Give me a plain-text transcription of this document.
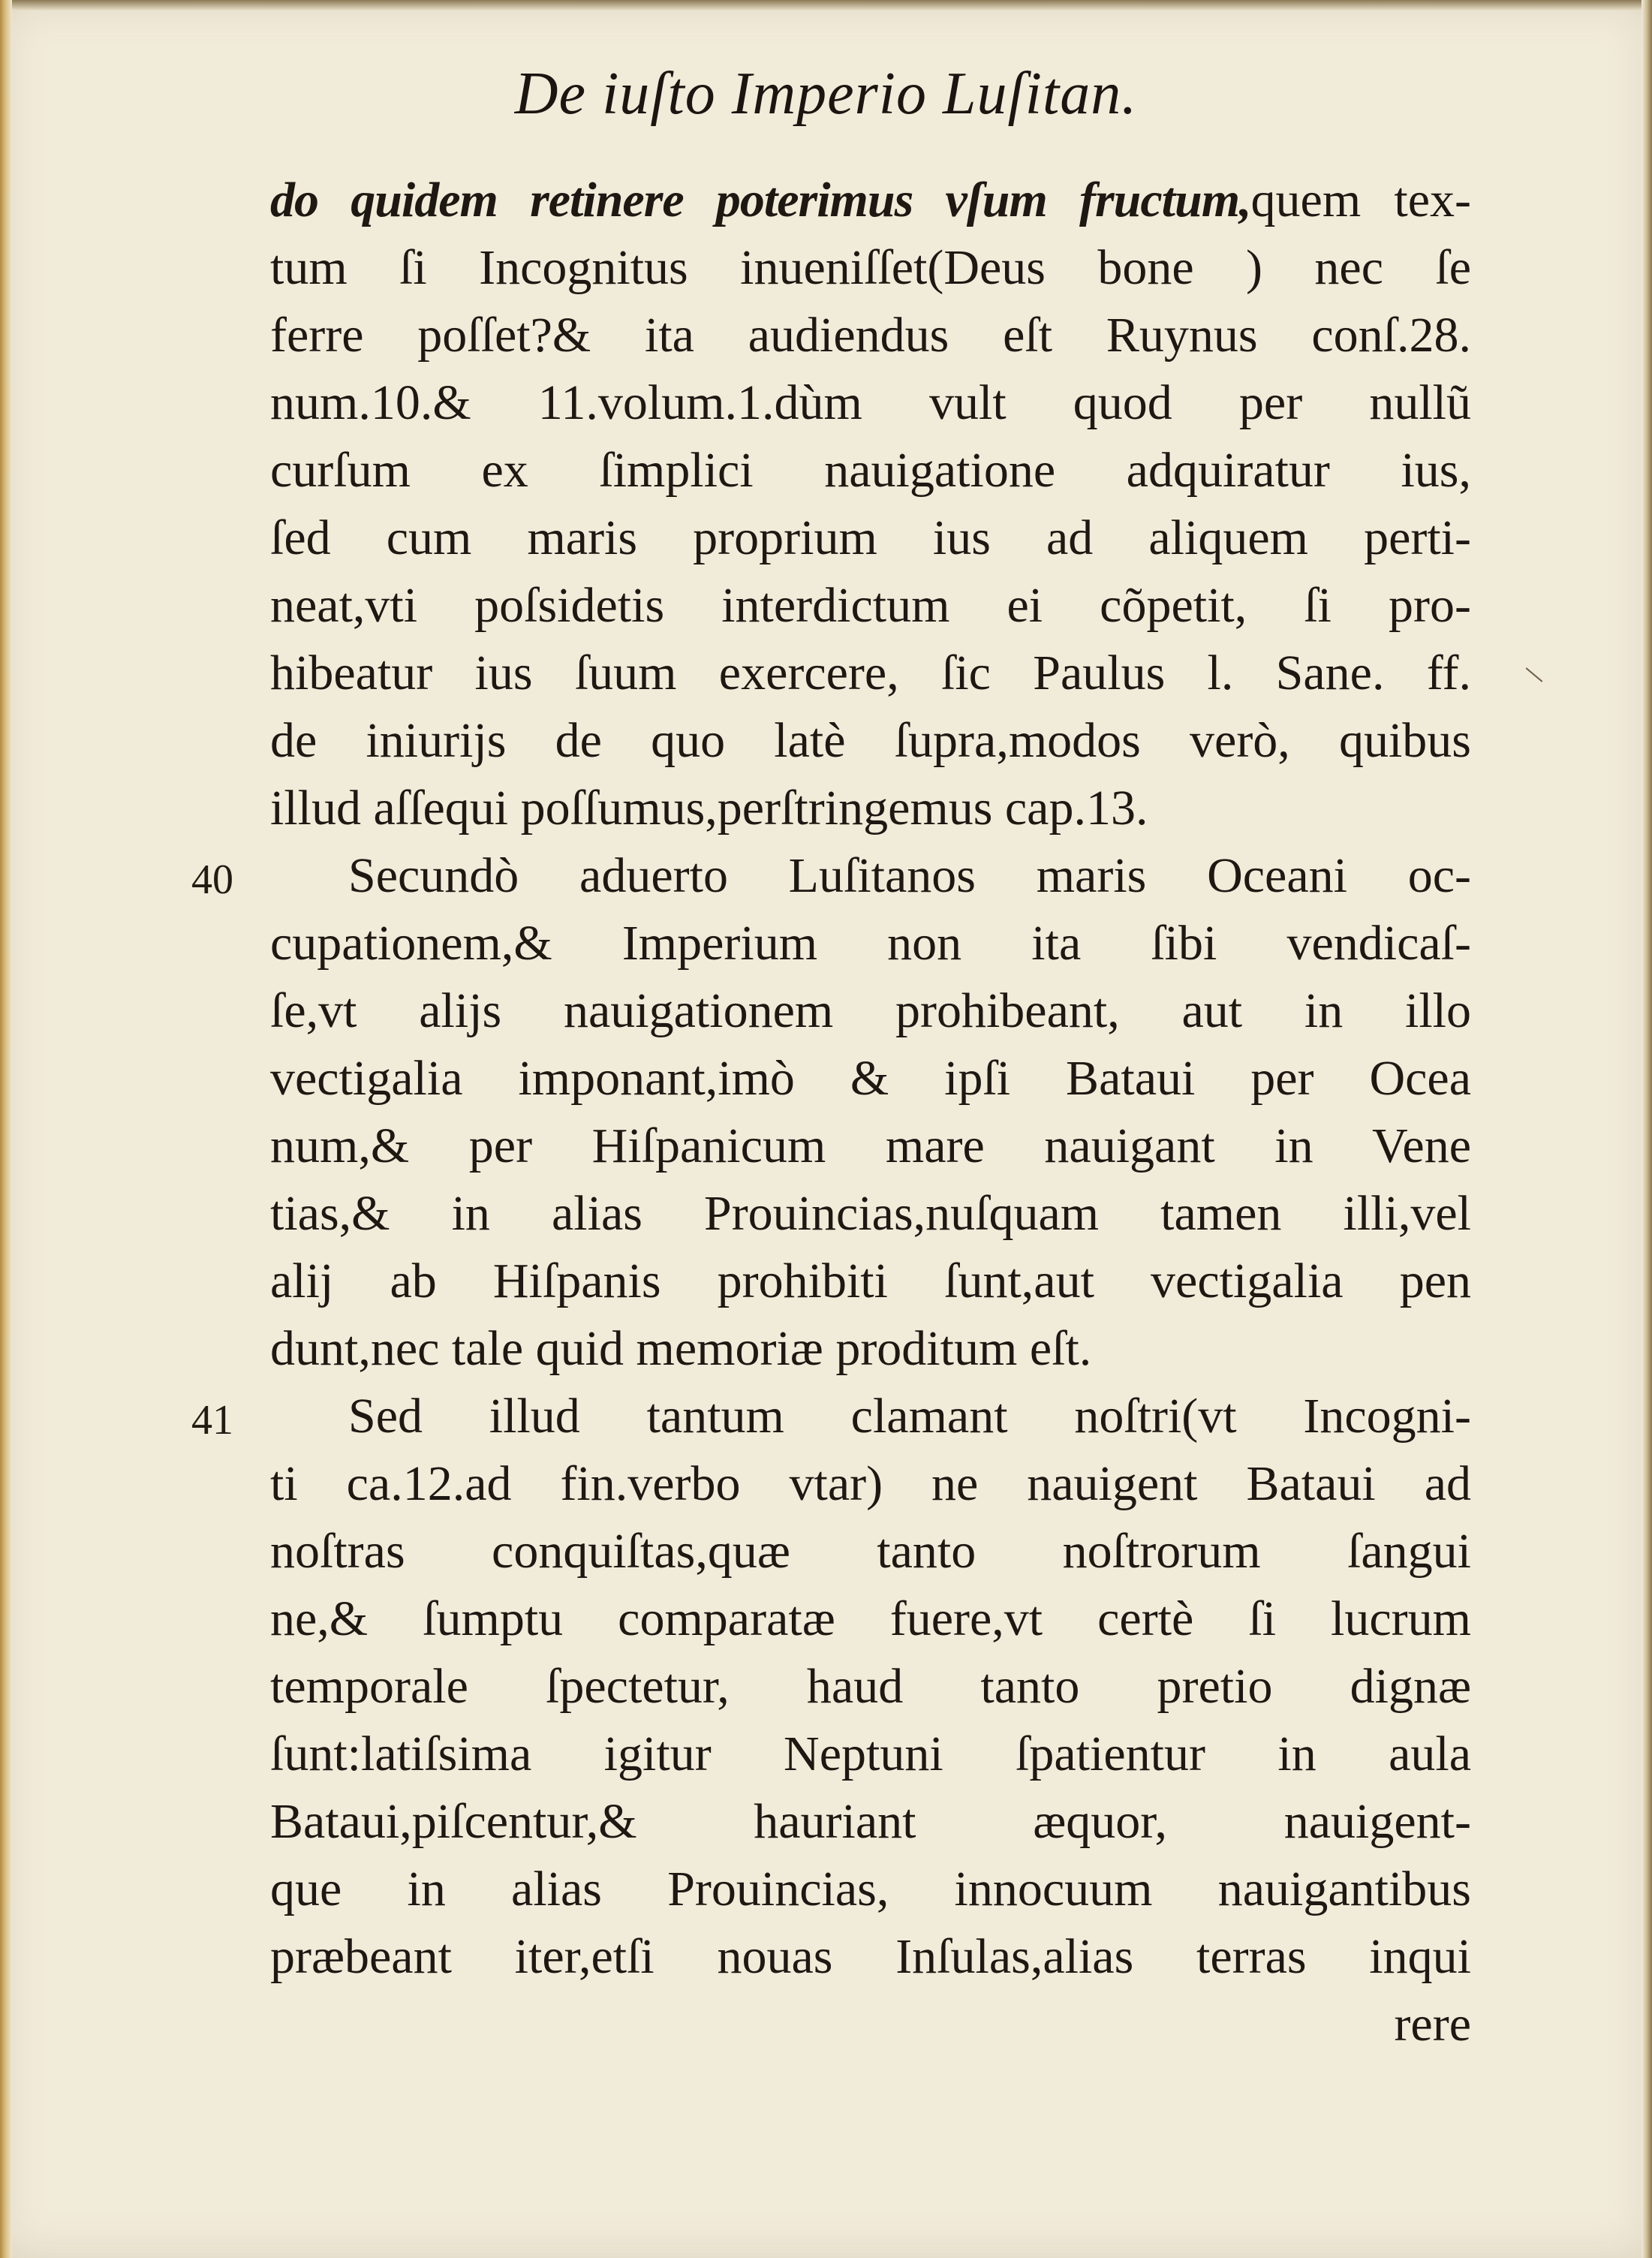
De iuſto Imperio Luſitan.
40
41
do quidem retinere poterimus vſum fructum,quem tex-
tum ſi Incognitus inueniſſet(Deus bone ) nec ſe
ferre poſſet?& ita audiendus eſt Ruynus conſ.28.
num.10.& 11.volum.1.dùm vult quod per nullũ
curſum ex ſimplici nauigatione adquiratur ius,
ſed cum maris proprium ius ad aliquem perti-
neat,vti poſsidetis interdictum ei cõpetit, ſi pro-
hibeatur ius ſuum exercere, ſic Paulus l. Sane. ff.
de iniurijs de quo latè ſupra,modos verò, quibus
illud aſſequi poſſumus,perſtringemus cap.13.
Secundò aduerto Luſitanos maris Oceani oc-
cupationem,& Imperium non ita ſibi vendicaſ-
ſe,vt alijs nauigationem prohibeant, aut in illo
vectigalia imponant,imò & ipſi Bataui per Ocea
num,& per Hiſpanicum mare nauigant in Vene
tias,& in alias Prouincias,nuſquam tamen illi,vel
alij ab Hiſpanis prohibiti ſunt,aut vectigalia pen
dunt,nec tale quid memoriæ proditum eſt.
Sed illud tantum clamant noſtri(vt Incogni-
ti ca.12.ad fin.verbo vtar) ne nauigent Bataui ad
noſtras conquiſtas,quæ tanto noſtrorum ſangui
ne,& ſumptu comparatæ fuere,vt certè ſi lucrum
temporale ſpectetur, haud tanto pretio dignæ
ſunt:latiſsima igitur Neptuni ſpatientur in aula
Bataui,piſcentur,& hauriant æquor, nauigent-
que in alias Prouincias, innocuum nauigantibus
præbeant iter,etſi nouas Inſulas,alias terras inqui
rere
